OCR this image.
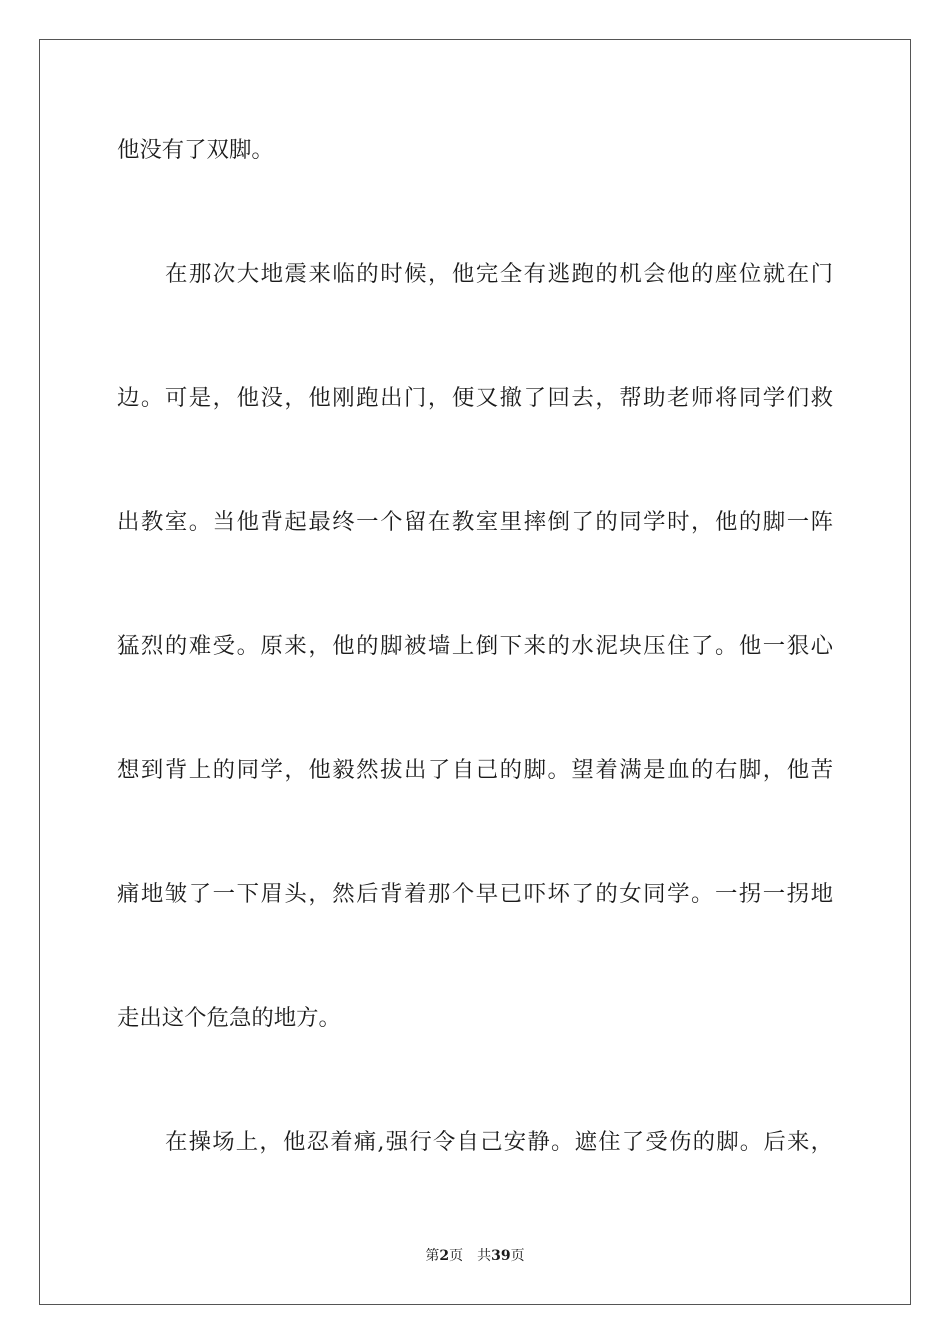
他没有了双脚。
在那次大地震来临的时候，他完全有逃跑的机会他的座位就在门
边。可是，他没，他刚跑出门，便又撤了回去，帮助老师将同学们救
出教室。当他背起最终一个留在教室里摔倒了的同学时，他的脚一阵
猛烈的难受。原来，他的脚被墙上倒下来的水泥块压住了。他一狠心
想到背上的同学，他毅然拔出了自己的脚。望着满是血的右脚，他苦
痛地皱了一下眉头，然后背着那个早已吓坏了的女同学。一拐一拐地
走出这个危急的地方。
在操场上，他忍着痛,强行令自己安静。遮住了受伤的脚。后来，
第2页 共39页
